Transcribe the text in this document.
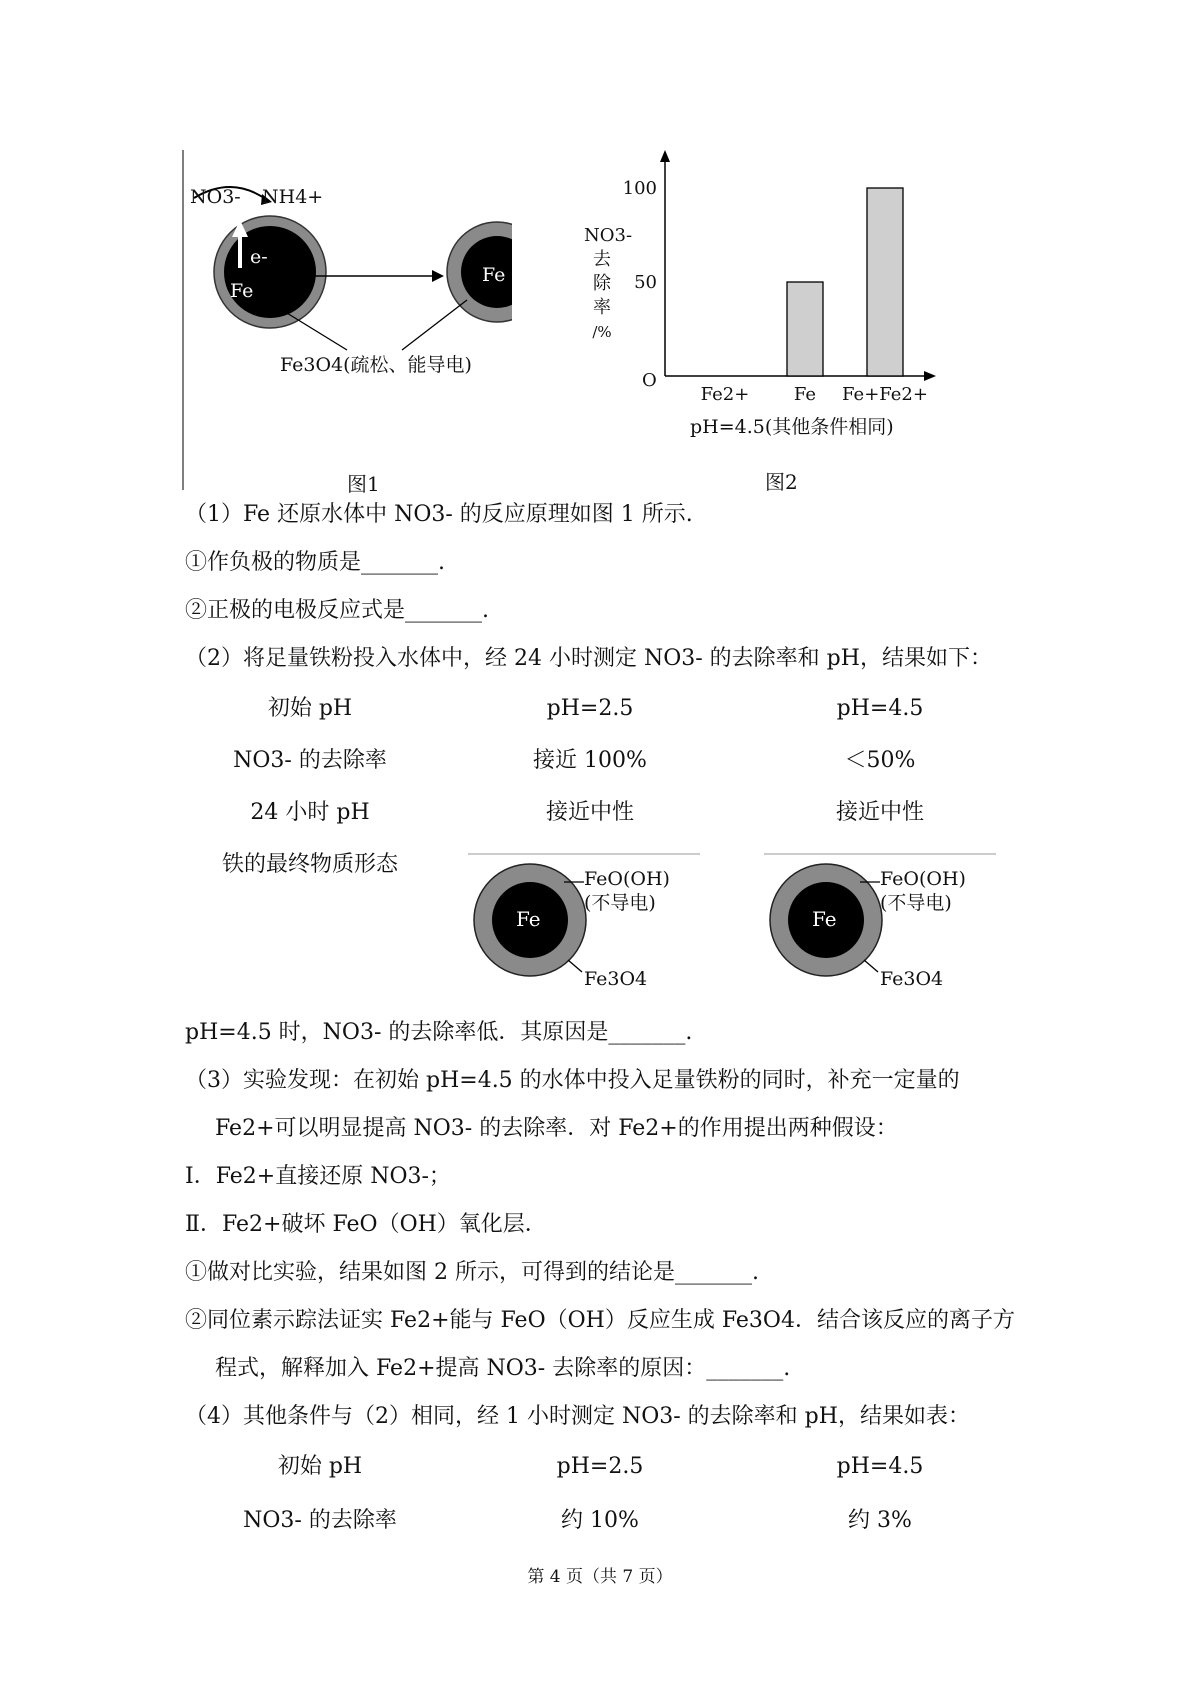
NO3- NH4+
e-
Fe
Fe
Fe3O4(疏松、能导电)
图1
Fe2+ Fe Fe+Fe2+
50
100
NO3-
去
除
率
/%
O
pH=4.5(其他条件相同)
图2
（1）Fe 还原水体中 NO3- 的反应原理如图 1 所示.
①作负极的物质是_______.
②正极的电极反应式是_______.
（2）将足量铁粉投入水体中，经 24 小时测定 NO3- 的去除率和 pH，结果如下：
初始 pH	pH=2.5	pH=4.5
NO3- 的去除率	接近 100%	＜50%
24 小时 pH	接近中性	接近中性
铁的最终物质形态
Fe
FeO(OH)
(不导电)
Fe3O4
Fe
FeO(OH)
(不导电)
Fe3O4
pH=4.5 时，NO3- 的去除率低．其原因是_______.
（3）实验发现：在初始 pH=4.5 的水体中投入足量铁粉的同时，补充一定量的
Fe2+可以明显提高 NO3- 的去除率．对 Fe2+的作用提出两种假设：
Ⅰ．Fe2+直接还原 NO3-；
Ⅱ．Fe2+破坏 FeO（OH）氧化层．
①做对比实验，结果如图 2 所示，可得到的结论是_______.
②同位素示踪法证实 Fe2+能与 FeO（OH）反应生成 Fe3O4．结合该反应的离子方
程式，解释加入 Fe2+提高 NO3- 去除率的原因：_______.
（4）其他条件与（2）相同，经 1 小时测定 NO3- 的去除率和 pH，结果如表：
初始 pH	pH=2.5	pH=4.5
NO3- 的去除率	约 10%	约 3%
第 4 页（共 7 页）
